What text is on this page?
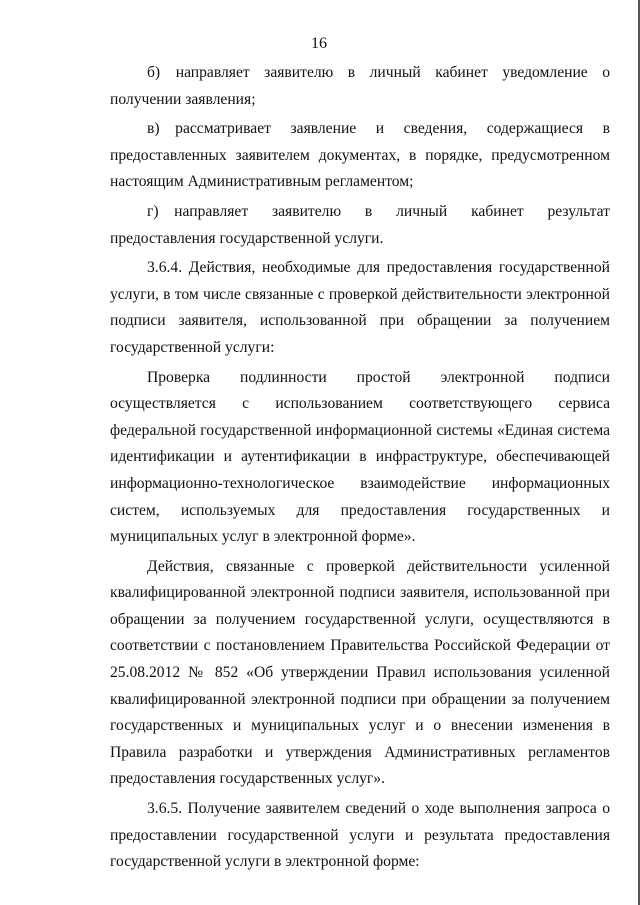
16

б) направляет заявителю в личный кабинет уведомление о получении заявления;

в) рассматривает заявление и сведения, содержащиеся в предоставленных заявителем документах, в порядке, предусмотренном настоящим Административным регламентом;

г) направляет заявителю в личный кабинет результат предоставления государственной услуги.

3.6.4. Действия, необходимые для предоставления государственной услуги, в том числе связанные с проверкой действительности электронной подписи заявителя, использованной при обращении за получением государственной услуги:

Проверка подлинности простой электронной подписи осуществляется с использованием соответствующего сервиса федеральной государственной информационной системы «Единая система идентификации и аутентификации в инфраструктуре, обеспечивающей информационно-технологическое взаимодействие информационных систем, используемых для предоставления государственных и муниципальных услуг в электронной форме».

Действия, связанные с проверкой действительности усиленной квалифицированной электронной подписи заявителя, использованной при обращении за получением государственной услуги, осуществляются в соответствии с постановлением Правительства Российской Федерации от 25.08.2012 № 852 «Об утверждении Правил использования усиленной квалифицированной электронной подписи при обращении за получением государственных и муниципальных услуг и о внесении изменения в Правила разработки и утверждения Административных регламентов предоставления государственных услуг».

3.6.5. Получение заявителем сведений о ходе выполнения запроса о предоставлении государственной услуги и результата предоставления государственной услуги в электронной форме:
